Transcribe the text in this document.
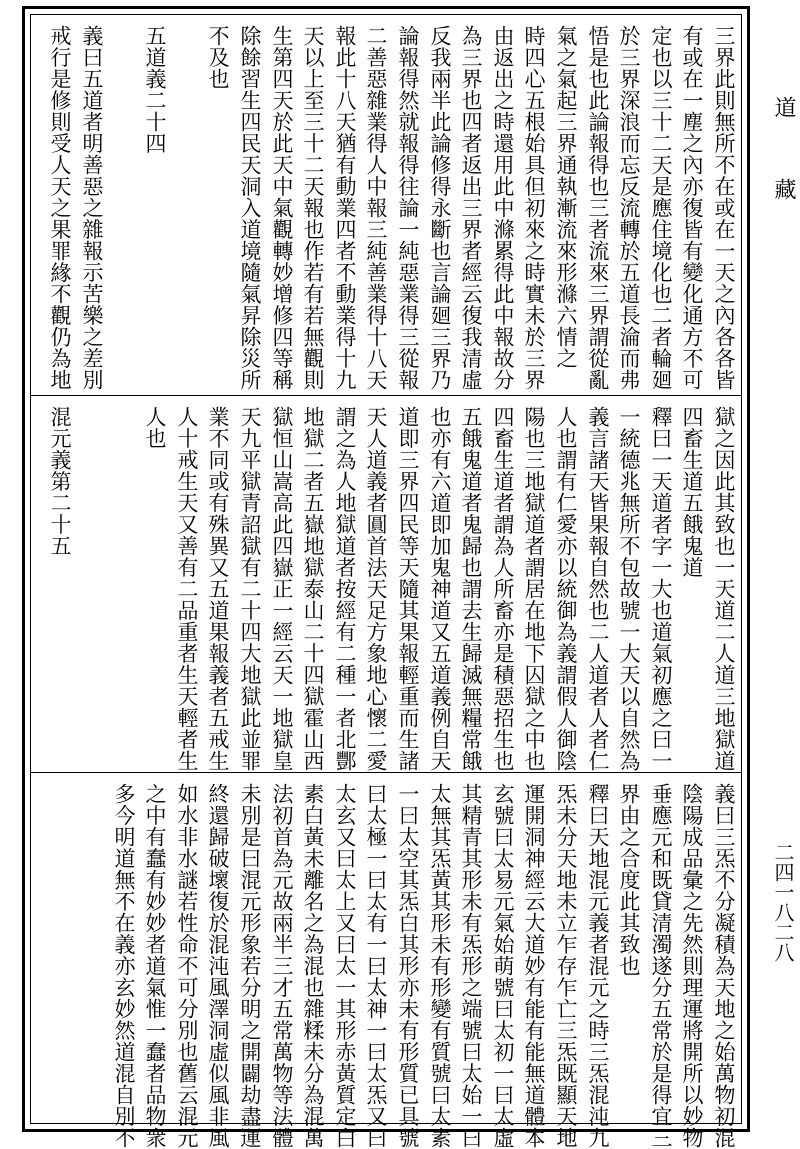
三界此則無所不在或在一天之內各各皆
有或在一塵之內亦復皆有變化通方不可
定也以三十二天是應住境化也二者輪廻
於三界深浪而忘反流轉於五道長淪而弗
悟是也此論報得也三者流來三界謂從亂
氣之氣起三界通執漸流來形滌六情之
時四心五根始具但初來之時實未於三界
由返出之時還用此中滌累得此中報故分
為三界也四者返出三界者經云復我清虛
反我兩半此論修得永斷也言論廻三界乃
論報得然就報得往論一純惡業得三從報
二善惡雜業得人中報三純善業得十八天
報此十八天猶有動業四者不動業得十九
天以上至三十二天報也作若有若無觀則
生第四天於此天中氣觀轉妙增修四等稱
除餘習生四民天洞入道境隨氣昇除災所
不及也
五道義二十四
義曰五道者明善惡之雜報示苦樂之差別
戒行是修則受人天之果罪緣不觀仍為地
獄之因此其致也一天道二人道三地獄道
四畜生道五餓鬼道
釋曰一天道者字一大也道氣初應之曰一
一統德兆無所不包故號一大天以自然為
義言諸天皆果報自然也二人道者人者仁
人也謂有仁愛亦以統御為義謂假人御陰
陽也三地獄道者謂居在地下囚獄之中也
四畜生道者謂為人所畜亦是積惡招生也
五餓鬼道者鬼歸也謂去生歸滅無糧常餓
也亦有六道即加鬼神道又五道義例自天
道即三界四民等天隨其果報輕重而生諸
天人道義者圓首法天足方象地心懷二愛
謂之為人地獄道者按經有二種一者北酆
地獄二者五嶽地獄泰山二十四獄霍山西
獄恒山嵩高此四嶽正一經云天一地獄皇
天九平獄青詔獄有二十四大地獄此並罪
業不同或有殊異又五道果報義者五戒生
人十戒生天又善有二品重者生天輕者生
人也
混元義第二十五
義曰三炁不分凝積為天地之始萬物初混
陰陽成品彙之先然則理運將開所以妙物
垂應元和既貸清濁遂分五常於是得宜三
界由之合度此其致也
釋曰天地混元義者混元之時三炁混沌九
炁未分天地未立乍存乍亡三炁既顯天地
運開洞神經云大道妙有能有能無道體本
玄號曰太易元氣始萌號曰太初一曰太虛
其精青其形未有炁形之端號曰太始一曰
太無其炁黃其形未有形變有質號曰太素
一曰太空其炁白其形亦未有形質已具號
曰太極一曰太有一曰太神一曰太炁又曰
太玄又曰太上又曰太一其形赤黃質定白
素白黃未離名之為混也雜糅未分為混萬
法初首為元故兩半三才五常萬物等法體
未別是曰混元形象若分明之開闢劫盡運
終還歸破壞復於混沌風澤洞虛似風非風
如水非水謎若性命不可分別也舊云混元
之中有蠢有妙妙者道氣惟一蠢者品物衆
多今明道無不在義亦玄妙然道混自別不
道
藏
二四一八二八
